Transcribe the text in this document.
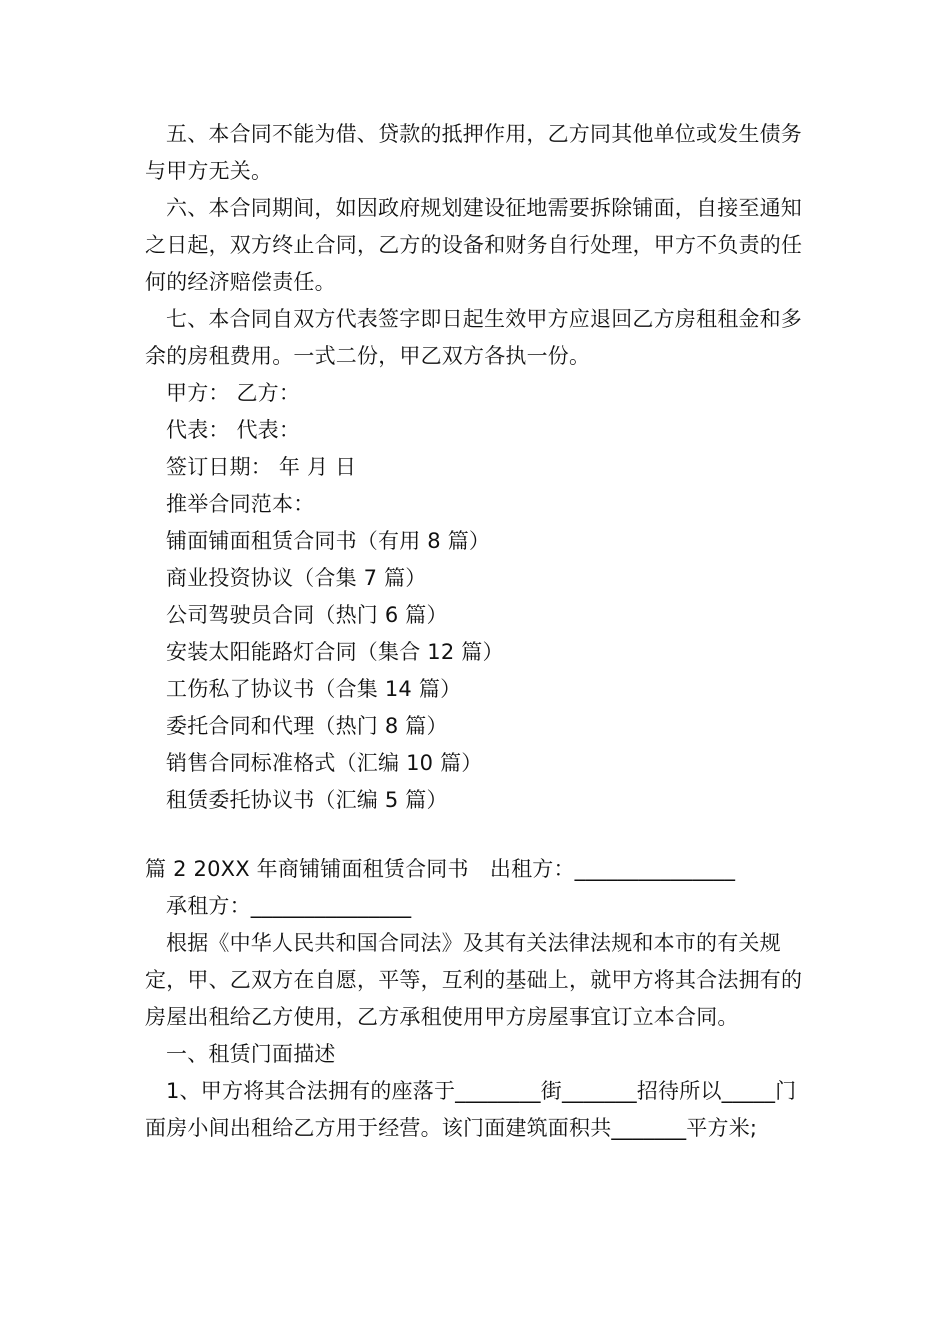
五、本合同不能为借、贷款的抵押作用，乙方同其他单位或发生债务与甲方无关。

六、本合同期间，如因政府规划建设征地需要拆除铺面，自接至通知之日起，双方终止合同，乙方的设备和财务自行处理，甲方不负责的任何的经济赔偿责任。

七、本合同自双方代表签字即日起生效甲方应退回乙方房租租金和多余的房租费用。一式二份，甲乙双方各执一份。

甲方： 乙方：

代表： 代表：

签订日期： 年 月 日

推举合同范本：

铺面铺面租赁合同书（有用 8 篇）

商业投资协议（合集 7 篇）

公司驾驶员合同（热门 6 篇）

安装太阳能路灯合同（集合 12 篇）

工伤私了协议书（合集 14 篇）

委托合同和代理（热门 8 篇）

销售合同标准格式（汇编 10 篇）

租赁委托协议书（汇编 5 篇）

篇 2 20XX 年商铺铺面租赁合同书　出租方：_______________

承租方：_______________

根据《中华人民共和国合同法》及其有关法律法规和本市的有关规定，甲、乙双方在自愿，平等，互利的基础上，就甲方将其合法拥有的房屋出租给乙方使用，乙方承租使用甲方房屋事宜订立本合同。

一、租赁门面描述

1、甲方将其合法拥有的座落于________街_______招待所以_____门面房小间出租给乙方用于经营。该门面建筑面积共_______平方米;
